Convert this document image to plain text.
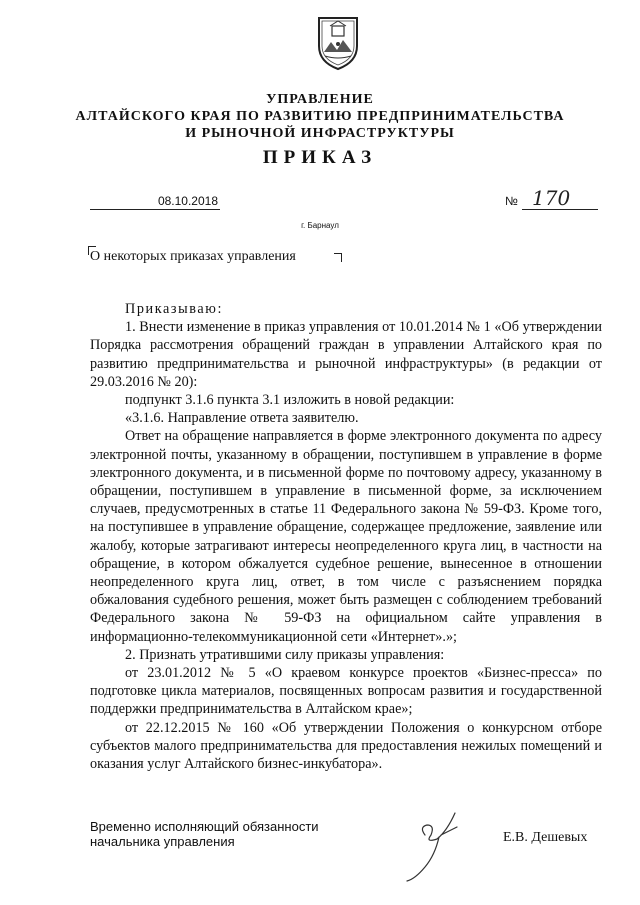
УПРАВЛЕНИЕ
АЛТАЙСКОГО КРАЯ ПО РАЗВИТИЮ ПРЕДПРИНИМАТЕЛЬСТВА
И РЫНОЧНОЙ ИНФРАСТРУКТУРЫ
ПРИКАЗ
08.10.2018	№ 170
г. Барнаул
О некоторых приказах управления

Приказываю:

1. Внести изменение в приказ управления от 10.01.2014 № 1 «Об утверждении Порядка рассмотрения обращений граждан в управлении Алтайского края по развитию предпринимательства и рыночной инфраструктуры» (в редакции от 29.03.2016 № 20):

подпункт 3.1.6 пункта 3.1 изложить в новой редакции:

«3.1.6. Направление ответа заявителю.

Ответ на обращение направляется в форме электронного документа по адресу электронной почты, указанному в обращении, поступившем в управление в форме электронного документа, и в письменной форме по почтовому адресу, указанному в обращении, поступившем в управление в письменной форме, за исключением случаев, предусмотренных в статье 11 Федерального закона № 59-ФЗ. Кроме того, на поступившее в управление обращение, содержащее предложение, заявление или жалобу, которые затрагивают интересы неопределенного круга лиц, в частности на обращение, в котором обжалуется судебное решение, вынесенное в отношении неопределенного круга лиц, ответ, в том числе с разъяснением порядка обжалования судебного решения, может быть размещен с соблюдением требований Федерального закона № 59-ФЗ на официальном сайте управления в информационно-телекоммуникационной сети «Интернет».»;

2. Признать утратившими силу приказы управления:

от 23.01.2012 № 5 «О краевом конкурсе проектов «Бизнес-пресса» по подготовке цикла материалов, посвященных вопросам развития и государственной поддержки предпринимательства в Алтайском крае»;

от 22.12.2015 № 160 «Об утверждении Положения о конкурсном отборе субъектов малого предпринимательства для предоставления нежилых помещений и оказания услуг Алтайского бизнес-инкубатора».

Временно исполняющий обязанности
начальника управления	Е.В. Дешевых
